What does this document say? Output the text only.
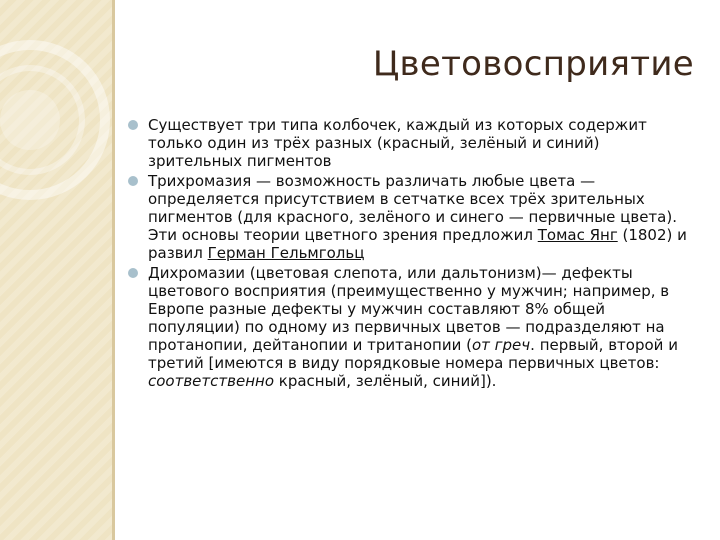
Цветовосприятие
Существует три типа колбочек, каждый из которых содержит только один из трёх разных (красный, зелёный и синий) зрительных пигментов
Трихромазия — возможность различать любые цвета — определяется присутствием в сетчатке всех трёх зрительных пигментов (для красного, зелёного и синего — первичные цвета). Эти основы теории цветного зрения предложил Томас Янг (1802) и развил Герман Гельмгольц
Дихромазии (цветовая слепота, или дальтонизм)— дефекты цветового восприятия (преимущественно у мужчин; например, в Европе разные дефекты у мужчин составляют 8% общей популяции) по одному из первичных цветов — подразделяют на протанопии, дейтанопии и тританопии (от греч. первый, второй и третий [имеются в виду порядковые номера первичных цветов: соответственно красный, зелёный, синий]).
